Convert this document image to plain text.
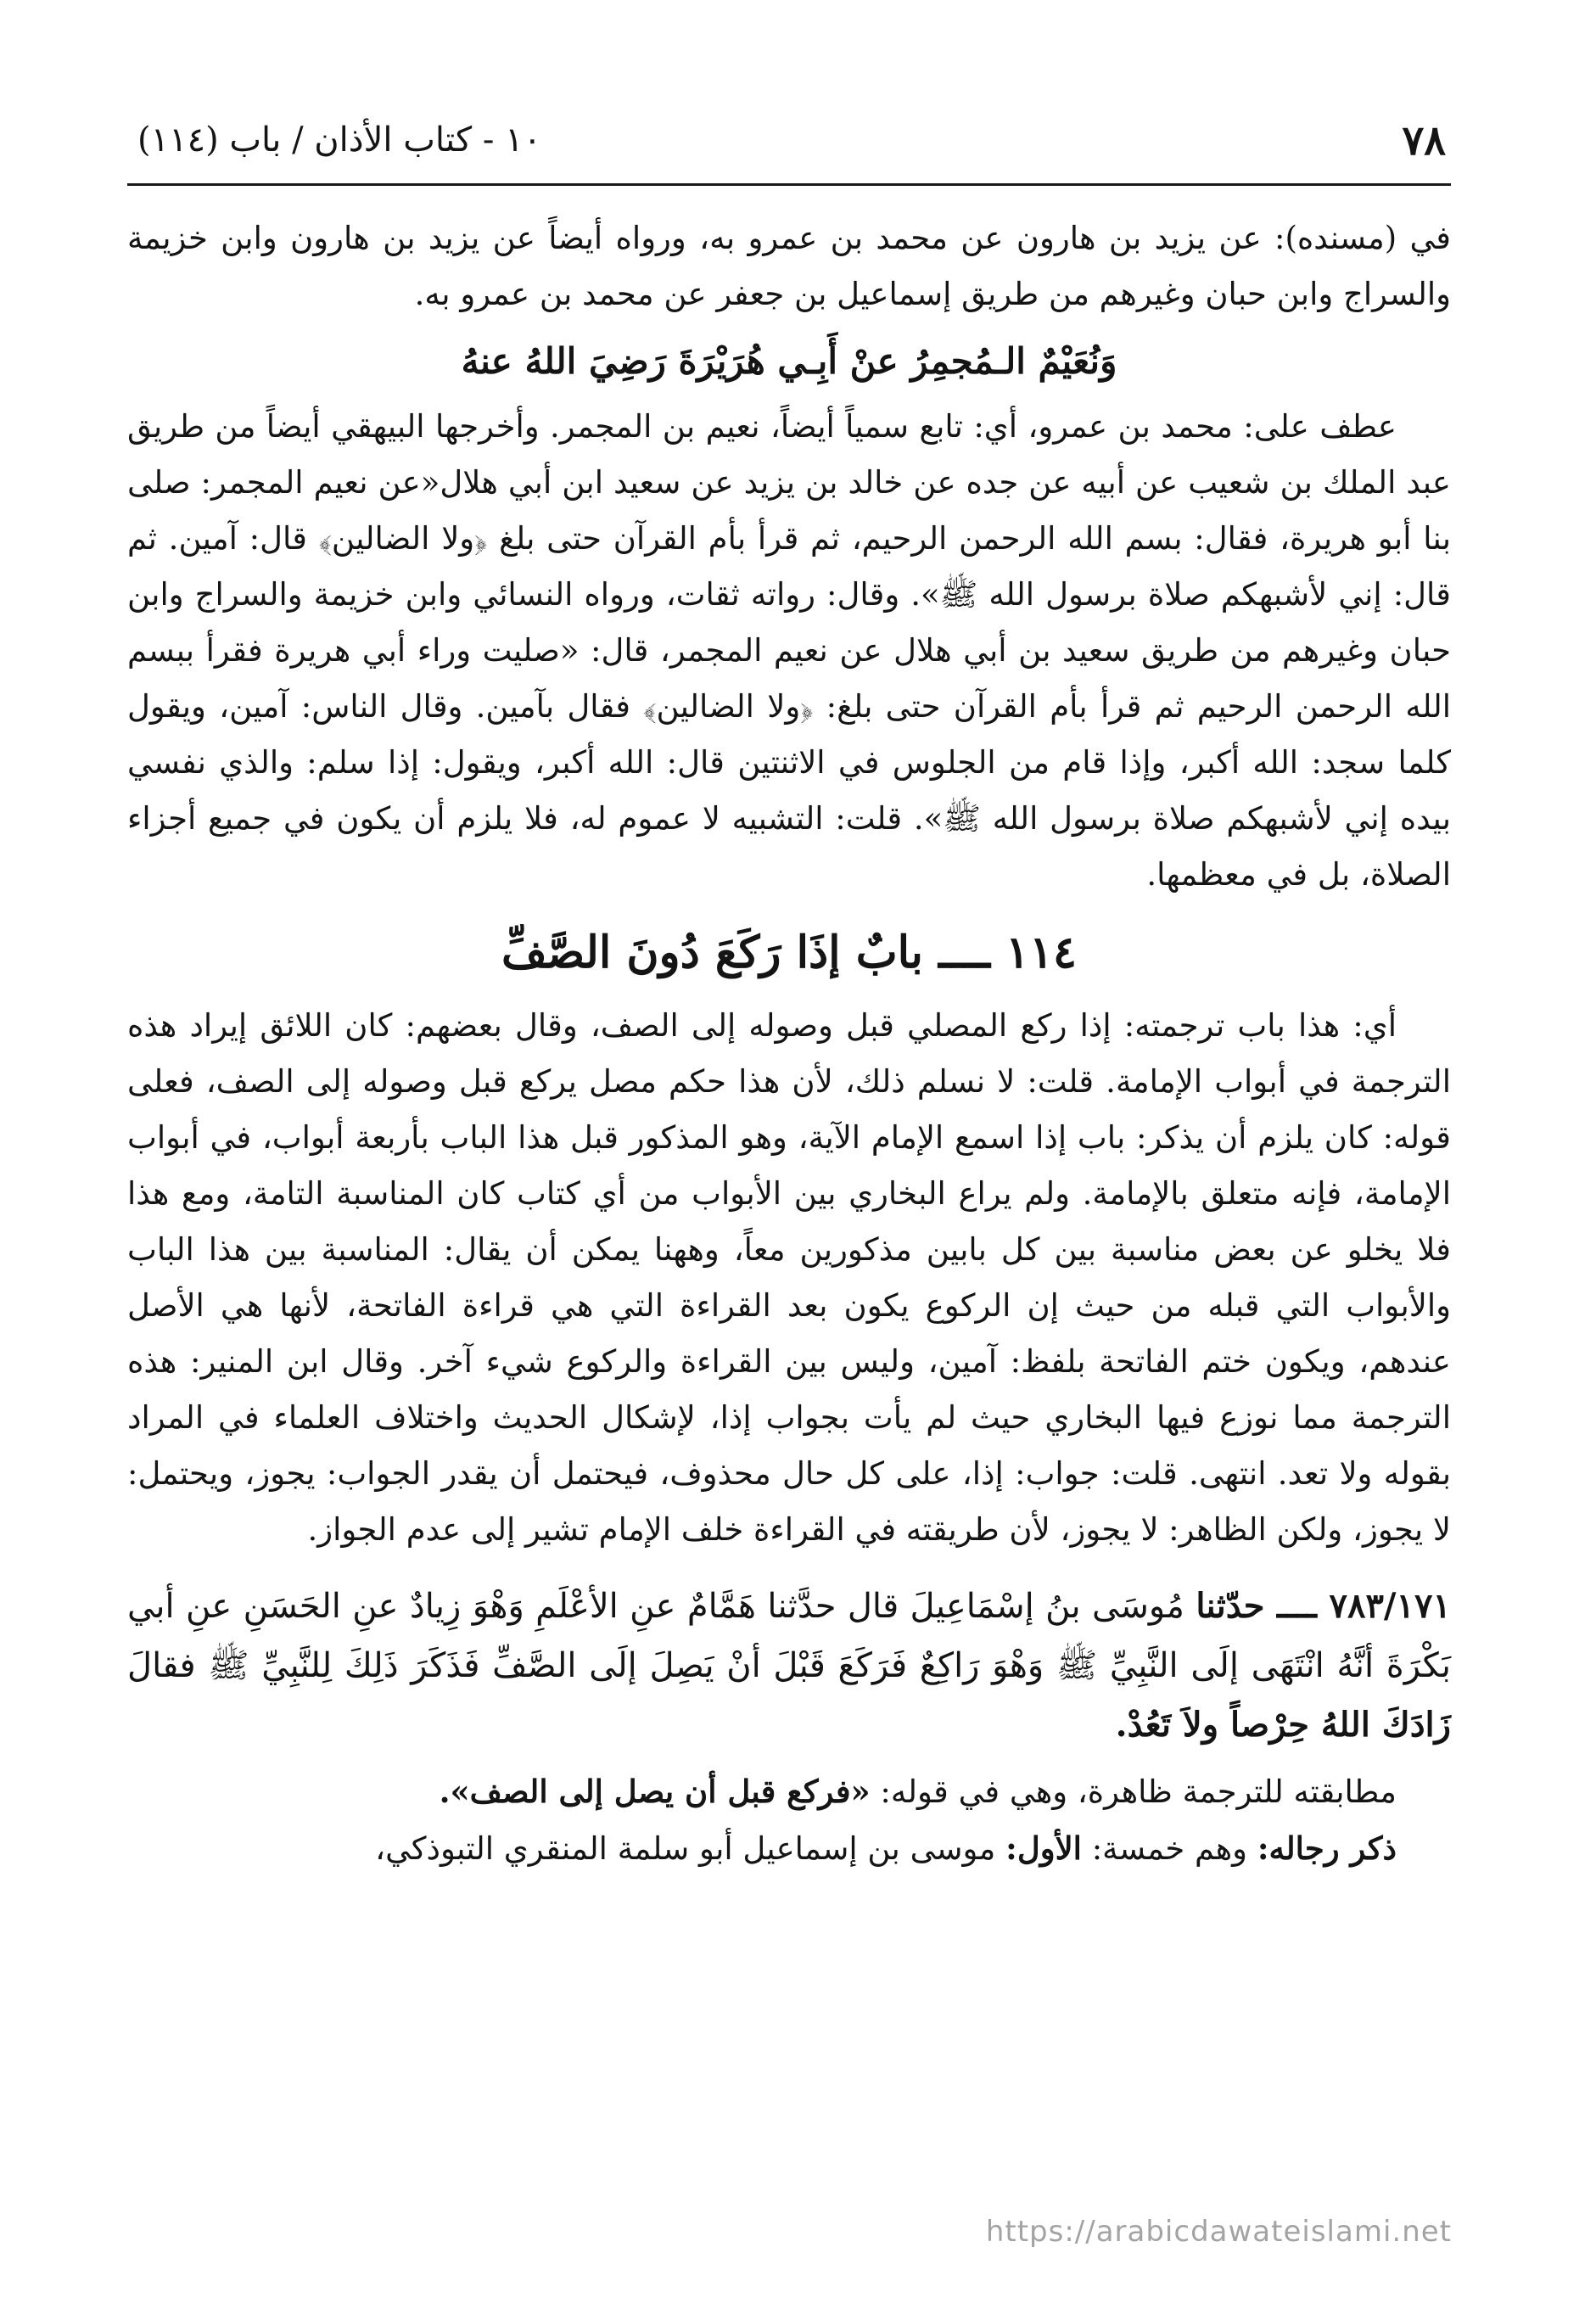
٧٨
١٠ - كتاب الأذان / باب (١١٤)

في (مسنده): عن يزيد بن هارون عن محمد بن عمرو به، ورواه أيضاً عن يزيد بن هارون وابن خزيمة والسراج وابن حبان وغيرهم من طريق إسماعيل بن جعفر عن محمد بن عمرو به.

وَنُعَيْمٌ الـمُجمِرُ عنْ أَبِـي هُرَيْرَةَ رَضِيَ اللهُ عنهُ

عطف على: محمد بن عمرو، أي: تابع سمياً أيضاً، نعيم بن المجمر. وأخرجها البيهقي أيضاً من طريق عبد الملك بن شعيب عن أبيه عن جده عن خالد بن يزيد عن سعيد ابن أبي هلال«عن نعيم المجمر: صلى بنا أبو هريرة، فقال: بسم الله الرحمن الرحيم، ثم قرأ بأم القرآن حتى بلغ ﴿ولا الضالين﴾ قال: آمين. ثم قال: إني لأشبهكم صلاة برسول الله ﷺ». وقال: رواته ثقات، ورواه النسائي وابن خزيمة والسراج وابن حبان وغيرهم من طريق سعيد بن أبي هلال عن نعيم المجمر، قال: «صليت وراء أبي هريرة فقرأ ببسم الله الرحمن الرحيم ثم قرأ بأم القرآن حتى بلغ: ﴿ولا الضالين﴾ فقال بآمين. وقال الناس: آمين، ويقول كلما سجد: الله أكبر، وإذا قام من الجلوس في الاثنتين قال: الله أكبر، ويقول: إذا سلم: والذي نفسي بيده إني لأشبهكم صلاة برسول الله ﷺ». قلت: التشبيه لا عموم له، فلا يلزم أن يكون في جميع أجزاء الصلاة، بل في معظمها.

١١٤ ــــ بابٌ إذَا رَكَعَ دُونَ الصَّفِّ

أي: هذا باب ترجمته: إذا ركع المصلي قبل وصوله إلى الصف، وقال بعضهم: كان اللائق إيراد هذه الترجمة في أبواب الإمامة. قلت: لا نسلم ذلك، لأن هذا حكم مصل يركع قبل وصوله إلى الصف، فعلى قوله: كان يلزم أن يذكر: باب إذا اسمع الإمام الآية، وهو المذكور قبل هذا الباب بأربعة أبواب، في أبواب الإمامة، فإنه متعلق بالإمامة. ولم يراع البخاري بين الأبواب من أي كتاب كان المناسبة التامة، ومع هذا فلا يخلو عن بعض مناسبة بين كل بابين مذكورين معاً، وههنا يمكن أن يقال: المناسبة بين هذا الباب والأبواب التي قبله من حيث إن الركوع يكون بعد القراءة التي هي قراءة الفاتحة، لأنها هي الأصل عندهم، ويكون ختم الفاتحة بلفظ: آمين، وليس بين القراءة والركوع شيء آخر. وقال ابن المنير: هذه الترجمة مما نوزع فيها البخاري حيث لم يأت بجواب إذا، لإشكال الحديث واختلاف العلماء في المراد بقوله ولا تعد. انتهى. قلت: جواب: إذا، على كل حال محذوف، فيحتمل أن يقدر الجواب: يجوز، ويحتمل: لا يجوز، ولكن الظاهر: لا يجوز، لأن طريقته في القراءة خلف الإمام تشير إلى عدم الجواز.

٧٨٣/١٧١ ــــ حدّثنا مُوسَى بنُ إسْمَاعِيلَ قال حدَّثنا هَمَّامٌ عنِ الأعْلَمِ وَهْوَ زِيادٌ عنِ الحَسَنِ عنِ أبي بَكْرَةَ أنَّهُ انْتَهَى إلَى النَّبِيِّ ﷺ وَهْوَ رَاكِعٌ فَرَكَعَ قَبْلَ أنْ يَصِلَ إلَى الصَّفِّ فَذَكَرَ ذَلِكَ لِلنَّبِيِّ ﷺ فقالَ زَادَكَ اللهُ حِرْصاً ولاَ تَعُدْ.

مطابقته للترجمة ظاهرة، وهي في قوله: «فركع قبل أن يصل إلى الصف».

ذكر رجاله: وهم خمسة: الأول: موسى بن إسماعيل أبو سلمة المنقري التبوذكي،

https://arabicdawateislami.net
